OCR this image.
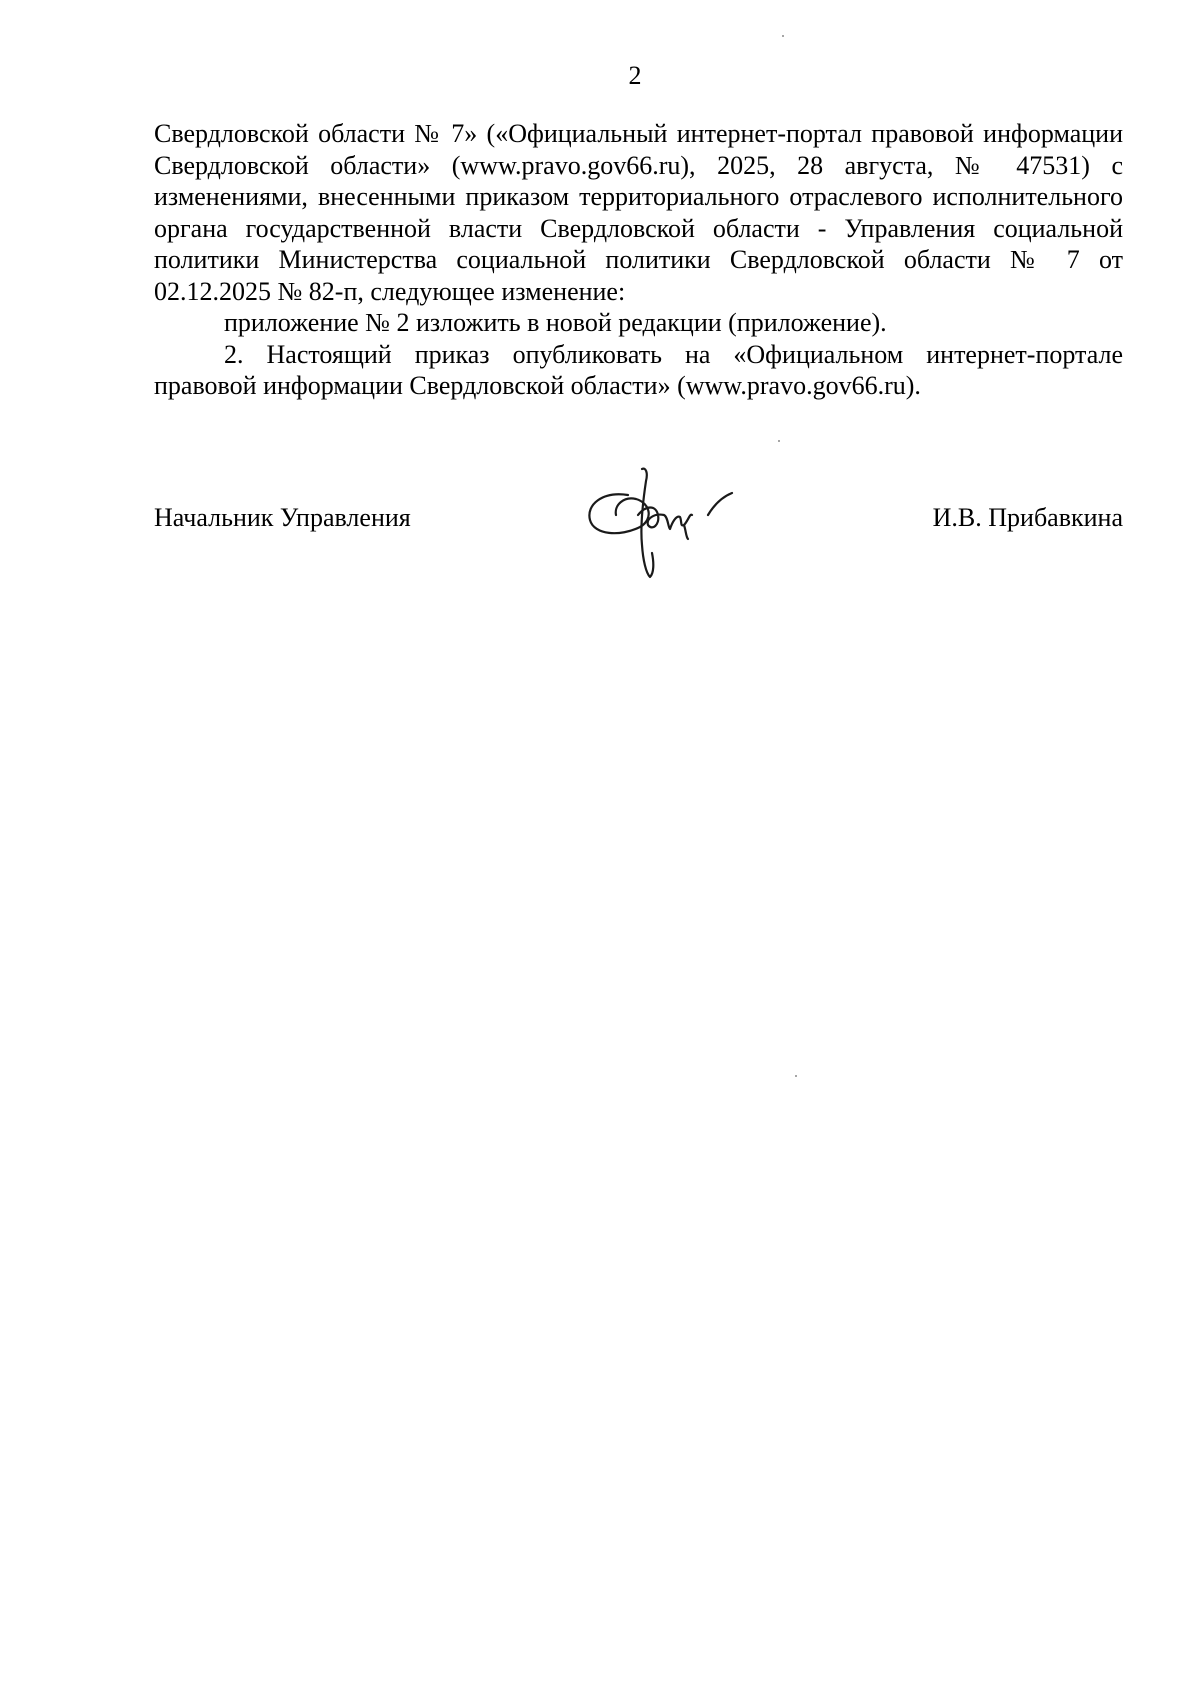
2

Свердловской области № 7» («Официальный интернет-портал правовой информации Свердловской области» (www.pravo.gov66.ru), 2025, 28 августа, № 47531) с изменениями, внесенными приказом территориального отраслевого исполнительного органа государственной власти Свердловской области - Управления социальной политики Министерства социальной политики Свердловской области № 7 от 02.12.2025 № 82-п, следующее изменение:

приложение № 2 изложить в новой редакции (приложение).

2. Настоящий приказ опубликовать на «Официальном интернет-портале правовой информации Свердловской области» (www.pravo.gov66.ru).

Начальник Управления	И.В. Прибавкина
